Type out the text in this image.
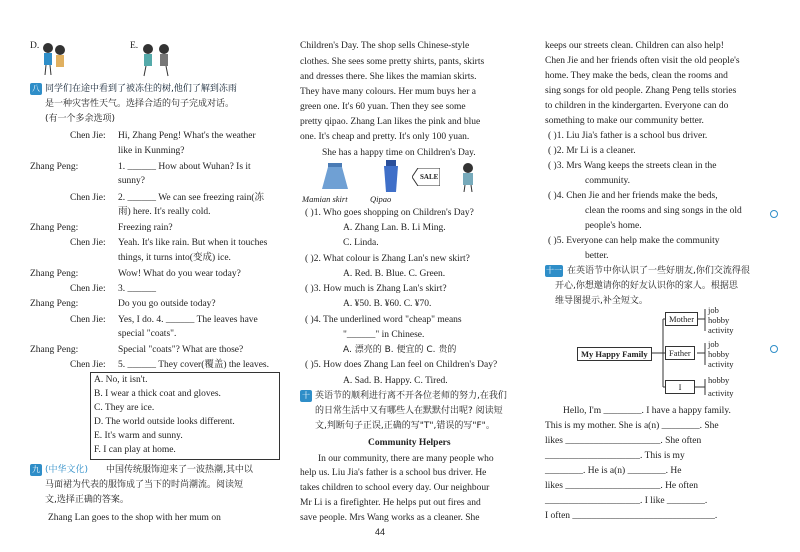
D.	E.
八 同学们在途中看到了被冻住的树,他们了解到冻雨
是一种灾害性天气。选择合适的句子完成对话。
(有一个多余选项)
Chen Jie: Hi, Zhang Peng! What's the weather
like in Kunming?
Zhang Peng:	1. ______ How about Wuhan? Is it
sunny?
Chen Jie: 2. ______ We can see freezing rain(冻
雨) here. It's really cold.
Zhang Peng:	Freezing rain?
Chen Jie: Yeah. It's like rain. But when it touches
things, it turns into(变成) ice.
Zhang Peng:	Wow! What do you wear today?
Chen Jie: 3. ______
Zhang Peng:	Do you go outside today?
Chen Jie: Yes, I do. 4. ______ The leaves have
special "coats".
Zhang Peng:	Special "coats"? What are those?
Chen Jie: 5. ______ They cover(覆盖) the leaves.
A. No, it isn't.
B. I wear a thick coat and gloves.
C. They are ice.
D. The world outside looks different.
E. It's warm and sunny.
F. I can play at home.
九 (中华文化) 中国传统服饰迎来了一波热潮,其中以
马面裙为代表的服饰成了当下的时尚潮流。阅读短
文,选择正确的答案。
Zhang Lan goes to the shop with her mum on
Children's Day. The shop sells Chinese-style
clothes. She sees some pretty shirts, pants, skirts
and dresses there. She likes the mamian skirts.
They have many colours. Her mum buys her a
green one. It's 60 yuan. Then they see some
pretty qipao. Zhang Lan likes the pink and blue
one. It's cheap and pretty. It's only 100 yuan.
She has a happy time on Children's Day.
SALE
Mamian skirt	Qipao
( )1. Who goes shopping on Children's Day?
A. Zhang Lan. B. Li Ming.
C. Linda.
( )2. What colour is Zhang Lan's new skirt?
A. Red. B. Blue. C. Green.
( )3. How much is Zhang Lan's skirt?
A. ¥50. B. ¥60. C. ¥70.
( )4. The underlined word "cheap" means
"______" in Chinese.
A. 漂亮的 B. 便宜的 C. 贵的
( )5. How does Zhang Lan feel on Children's Day?
A. Sad. B. Happy. C. Tired.
十 英语节的顺利进行离不开各位老师的努力,在我们
的日常生活中又有哪些人在默默付出呢? 阅读短
文,判断句子正误,正确的写"T",错误的写"F"。
Community Helpers
In our community, there are many people who
help us. Liu Jia's father is a school bus driver. He
takes children to school every day. Our neighbour
Mr Li is a firefighter. He helps put out fires and
save people. Mrs Wang works as a cleaner. She
keeps our streets clean. Children can also help!
Chen Jie and her friends often visit the old people's
home. They make the beds, clean the rooms and
sing songs for old people. Zhang Peng tells stories
to children in the kindergarten. Everyone can do
something to make our community better.
( )1. Liu Jia's father is a school bus driver.
( )2. Mr Li is a cleaner.
( )3. Mrs Wang keeps the streets clean in the
community.
( )4. Chen Jie and her friends make the beds,
clean the rooms and sing songs in the old
people's home.
( )5. Everyone can help make the community
better.
十一 在英语节中你认识了一些好朋友,你们交流得很
开心,你想邀请你的好友认识你的家人。根据思
维导图提示,补全短文。
My Happy Family
Mother
Father
I
job
hobby
activity
job
hobby
activity
hobby
activity
Hello, I'm ________. I have a happy family.
This is my mother. She is a(n) ________. She
likes ____________________. She often
____________________. This is my
________. He is a(n) ________. He
likes ____________________. He often
____________________. I like ________.
I often ______________________________.
44
